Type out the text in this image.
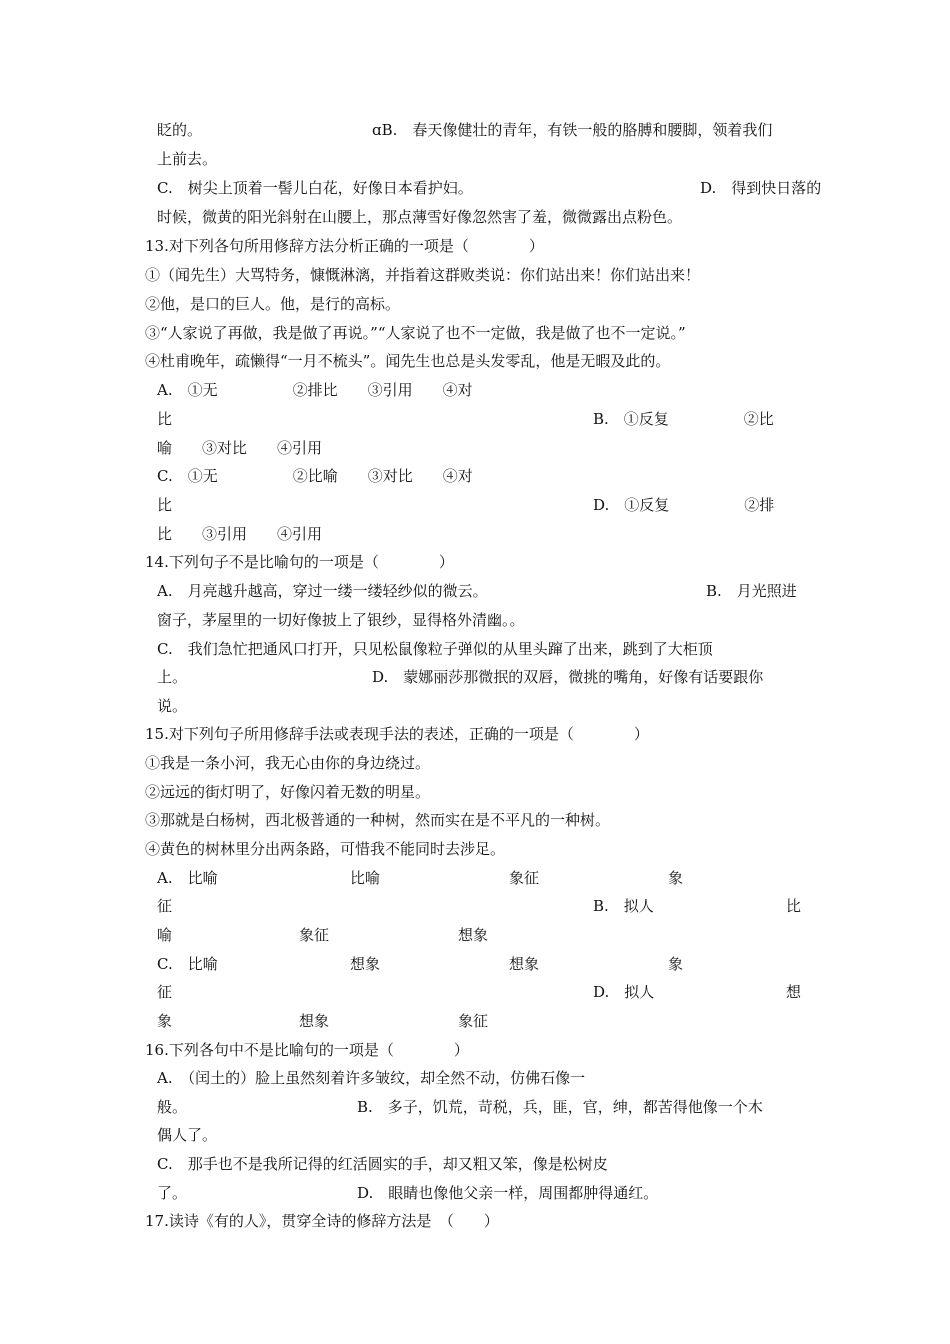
眨的。	ɑB.　春天像健壮的青年，有铁一般的胳膊和腰脚，领着我们
上前去。
C.　树尖上顶着一髻儿白花，好像日本看护妇。	D.　得到快日落的
时候，微黄的阳光斜射在山腰上，那点薄雪好像忽然害了羞，微微露出点粉色。
13.对下列各句所用修辞方法分析正确的一项是（　　　　）
①（闻先生）大骂特务，慷慨淋漓，并指着这群败类说：你们站出来！你们站出来！
②他，是口的巨人。他，是行的高标。
③“人家说了再做，我是做了再说。”“人家说了也不一定做，我是做了也不一定说。”
④杜甫晚年，疏懒得“一月不梳头”。闻先生也总是头发零乱，他是无暇及此的。
A.　①无　　　　　②排比　　③引用　　④对
比	B.　①反复　　　　　②比
喻　　③对比　　④引用
C.　①无　　　　　②比喻　　③对比　　④对
比	D.　①反复　　　　　②排
比　　③引用　　④引用
14.下列句子不是比喻句的一项是（　　　　）
A.　月亮越升越高，穿过一缕一缕轻纱似的微云。	B.　月光照进
窗子，茅屋里的一切好像披上了银纱，显得格外清幽。。
C.　我们急忙把通风口打开，只见松鼠像粒子弹似的从里头蹿了出来，跳到了大柜顶
上。	D.　蒙娜丽莎那微抿的双唇，微挑的嘴角，好像有话要跟你
说。
15.对下列句子所用修辞手法或表现手法的表述，正确的一项是（　　　　）
①我是一条小河，我无心由你的身边绕过。
②远远的街灯明了，好像闪着无数的明星。
③那就是白杨树，西北极普通的一种树，然而实在是不平凡的一种树。
④黄色的树林里分出两条路，可惜我不能同时去涉足。
A.　比喻	比喻	象征	象
征	B.　拟人	比
喻	象征	想象
C.　比喻	想象	想象	象
征	D.　拟人	想
象	想象	象征
16.下列各句中不是比喻句的一项是（　　　　）
A.　（闰土的）脸上虽然刻着许多皱纹，却全然不动，仿佛石像一
般。	B.　多子，饥荒，苛税，兵，匪，官，绅，都苦得他像一个木
偶人了。
C.　那手也不是我所记得的红活圆实的手，却又粗又笨，像是松树皮
了。	D.　眼睛也像他父亲一样，周围都肿得通红。
17.读诗《有的人》，贯穿全诗的修辞方法是　（　　）
